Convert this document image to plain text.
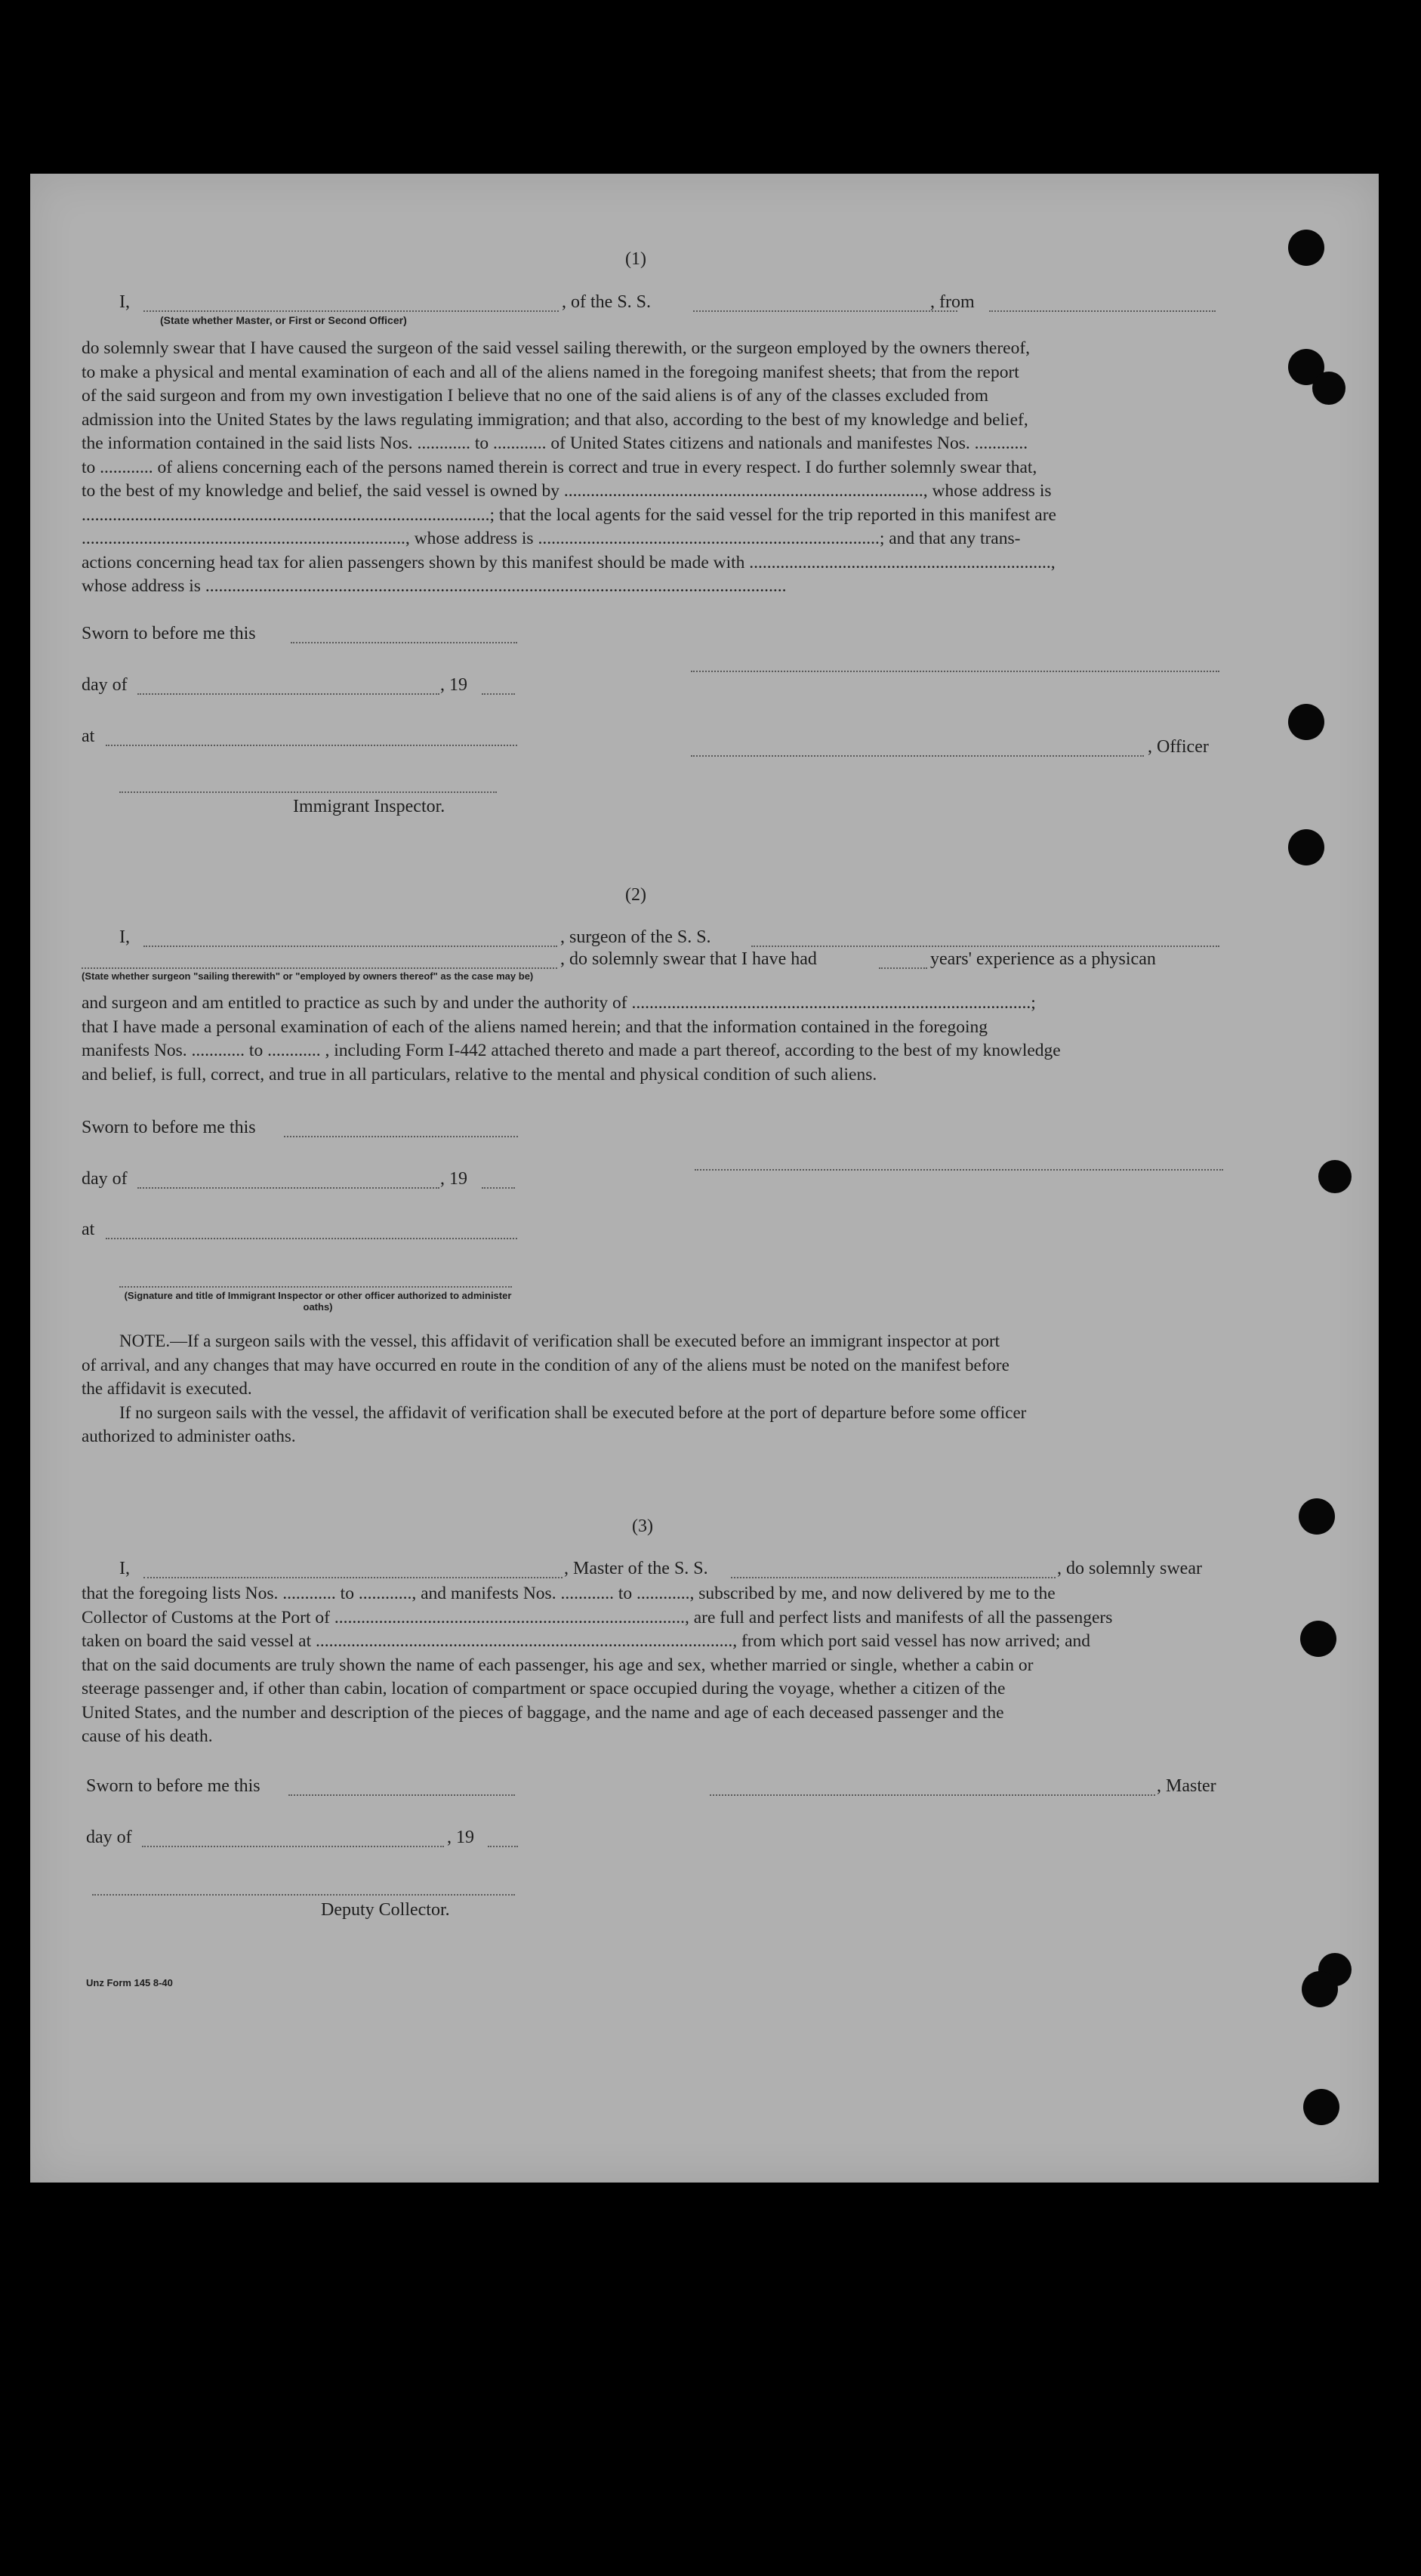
(1)
I,	, of the S. S.	, from
(State whether Master, or First or Second Officer)
do solemnly swear that I have caused the surgeon of the said vessel sailing therewith, or the surgeon employed by the owners thereof,
to make a physical and mental examination of each and all of the aliens named in the foregoing manifest sheets; that from the report
of the said surgeon and from my own investigation I believe that no one of the said aliens is of any of the classes excluded from
admission into the United States by the laws regulating immigration; and that also, according to the best of my knowledge and belief,
the information contained in the said lists Nos. ............ to ............ of United States citizens and nationals and manifestes Nos. ............
to ............ of aliens concerning each of the persons named therein is correct and true in every respect. I do further solemnly swear that,
to the best of my knowledge and belief, the said vessel is owned by ................................................................................., whose address is
............................................................................................; that the local agents for the said vessel for the trip reported in this manifest are
........................................................................., whose address is .............................................................................; and that any trans-
actions concerning head tax for alien passengers shown by this manifest should be made with ....................................................................,
whose address is ...................................................................................................................................
Sworn to before me this
day of	, 19
at
, Officer
Immigrant Inspector.
(2)
I,	, surgeon of the S. S.
, do solemnly swear that I have had	years' experience as a physican
(State whether surgeon "sailing therewith" or "employed by owners thereof" as the case may be)
and surgeon and am entitled to practice as such by and under the authority of ..........................................................................................;
that I have made a personal examination of each of the aliens named herein; and that the information contained in the foregoing
manifests Nos. ............ to ............ , including Form I-442 attached thereto and made a part thereof, according to the best of my knowledge
and belief, is full, correct, and true in all particulars, relative to the mental and physical condition of such aliens.
Sworn to before me this
day of	, 19
at
(Signature and title of Immigrant Inspector or other officer authorized to administer oaths)
NOTE.—If a surgeon sails with the vessel, this affidavit of verification shall be executed before an immigrant inspector at port
of arrival, and any changes that may have occurred en route in the condition of any of the aliens must be noted on the manifest before
the affidavit is executed.
If no surgeon sails with the vessel, the affidavit of verification shall be executed before at the port of departure before some officer
authorized to administer oaths.
(3)
I,	, Master of the S. S.	, do solemnly swear
that the foregoing lists Nos. ............ to ............, and manifests Nos. ............ to ............, subscribed by me, and now delivered by me to the
Collector of Customs at the Port of ..............................................................................., are full and perfect lists and manifests of all the passengers
taken on board the said vessel at .............................................................................................., from which port said vessel has now arrived; and
that on the said documents are truly shown the name of each passenger, his age and sex, whether married or single, whether a cabin or
steerage passenger and, if other than cabin, location of compartment or space occupied during the voyage, whether a citizen of the
United States, and the number and description of the pieces of baggage, and the name and age of each deceased passenger and the
cause of his death.
Sworn to before me this	, Master
day of	, 19
Deputy Collector.
Unz Form 145 8-40
